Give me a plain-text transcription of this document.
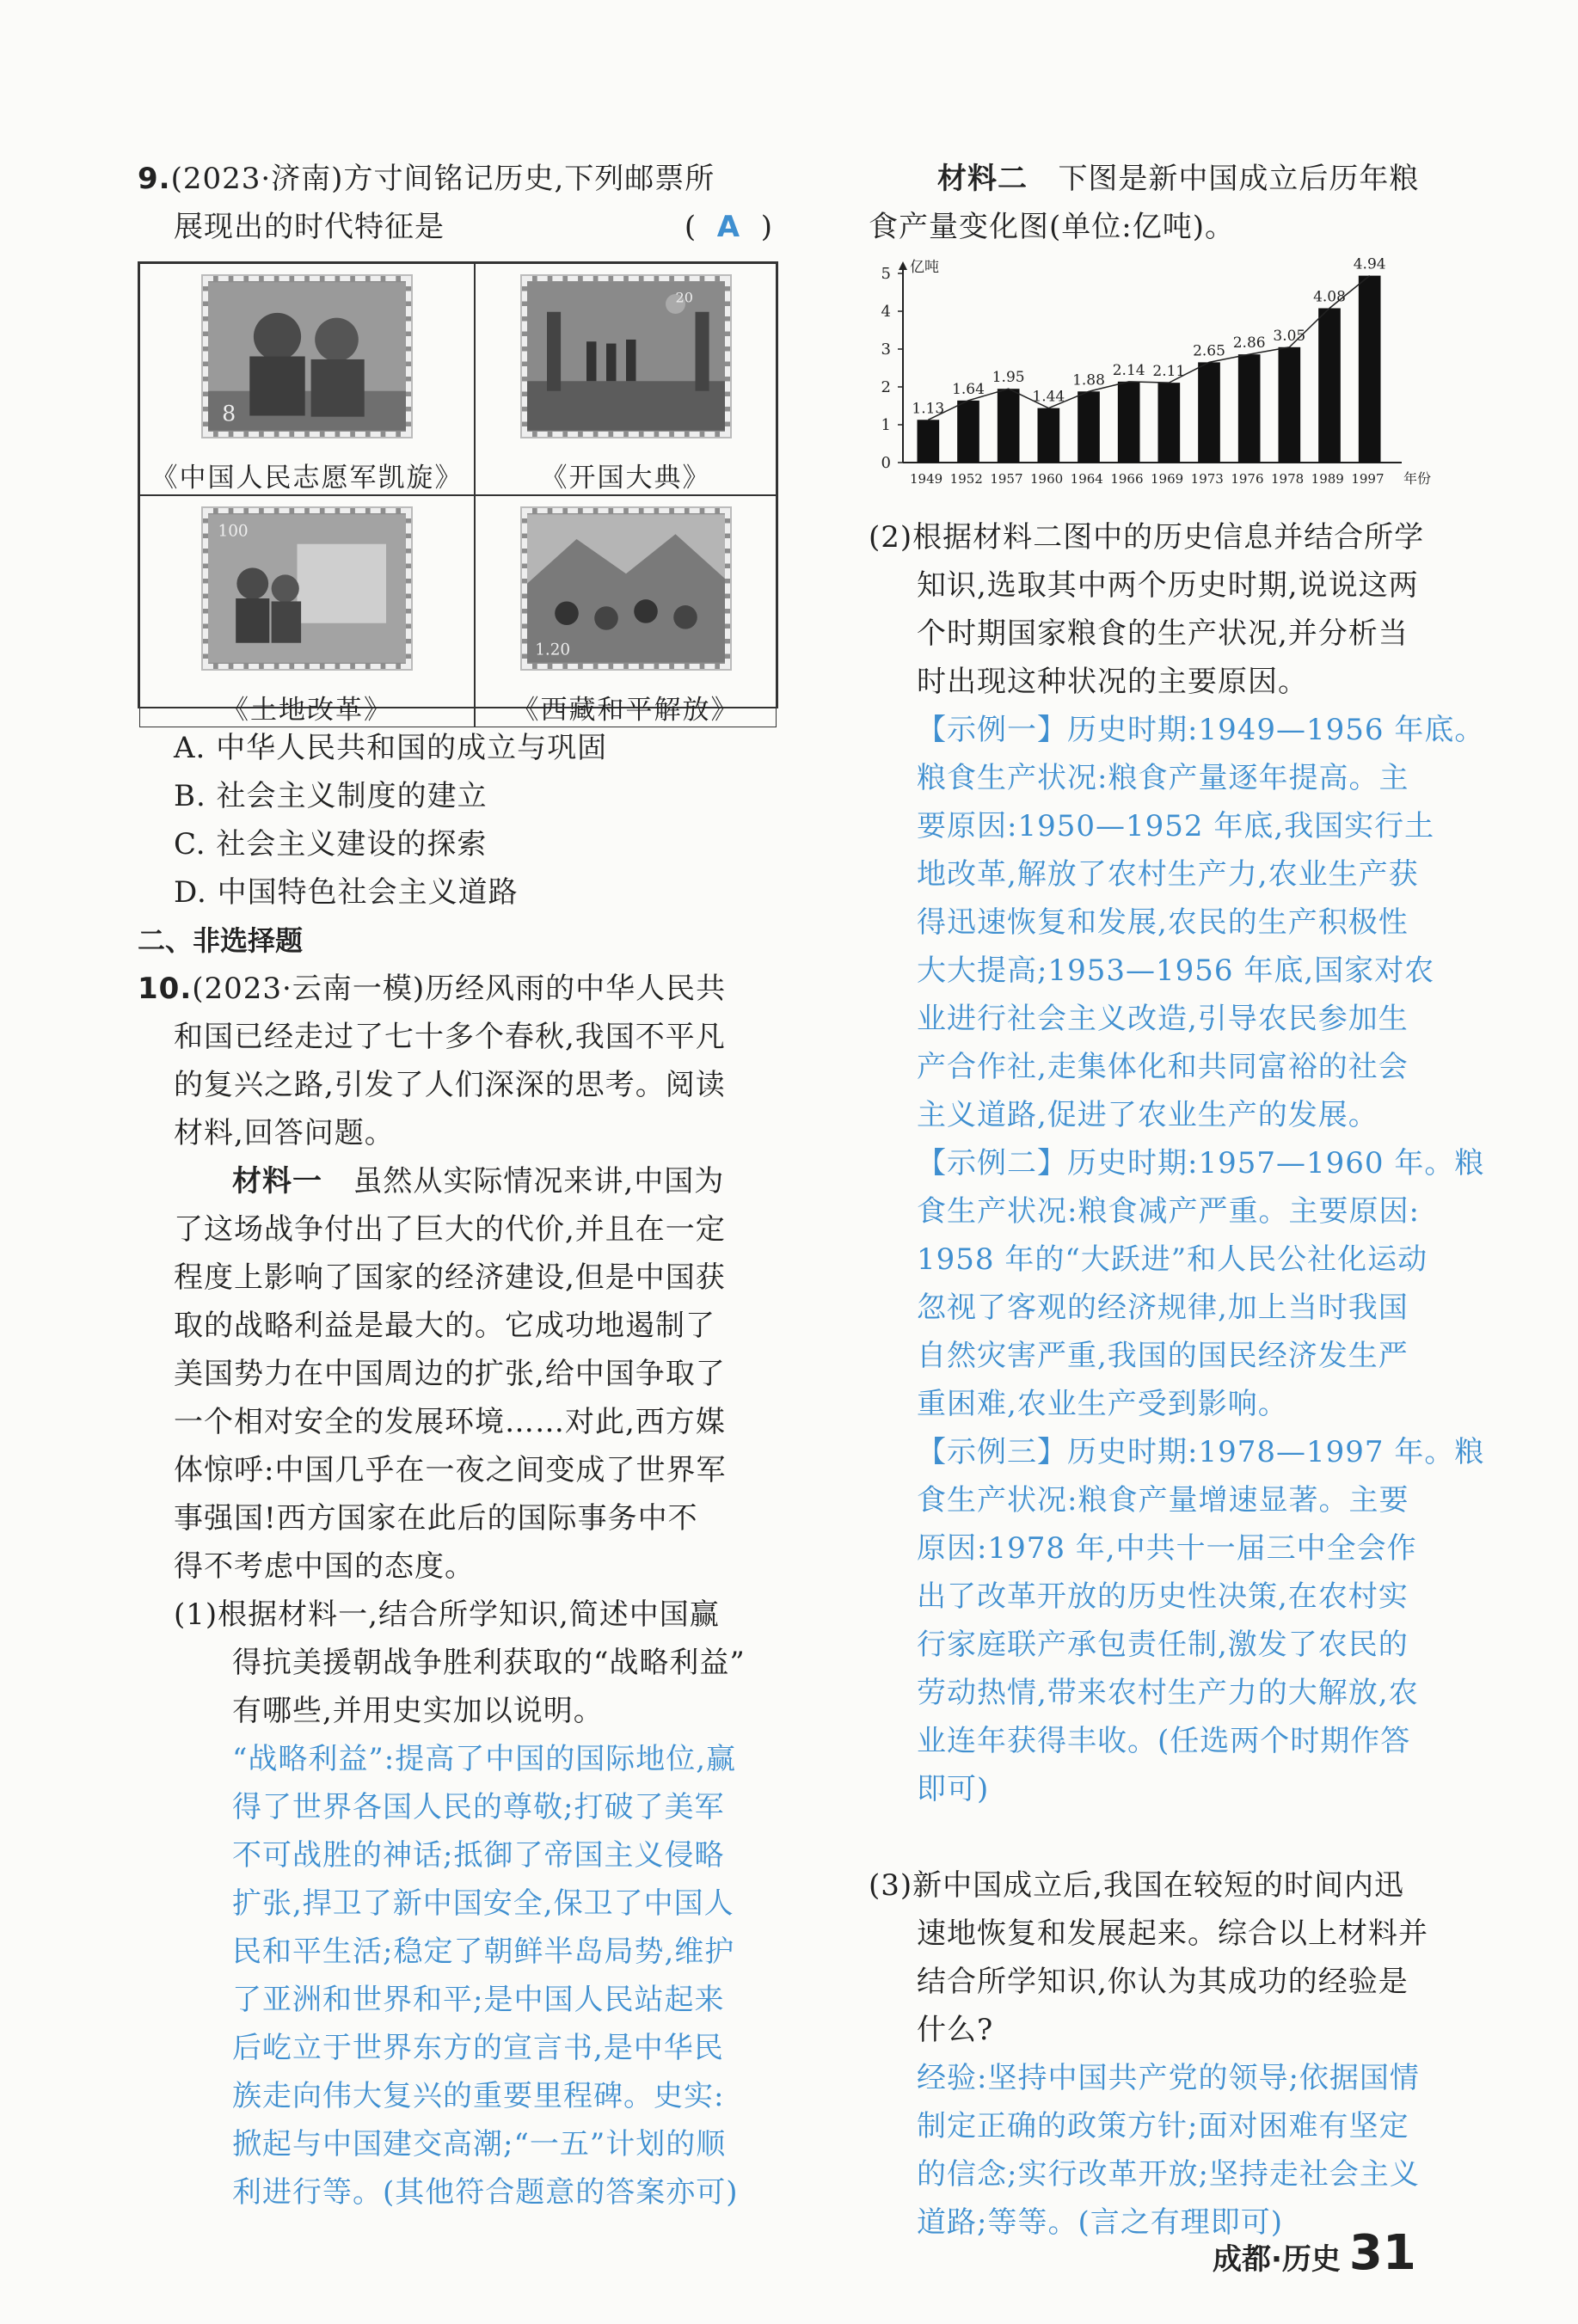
9.(2023·济南)方寸间铭记历史,下列邮票所
展现出的时代特征是	( A )
8
《中国人民志愿军凯旋》
20
《开国大典》
100
《土地改革》
1.20
《西藏和平解放》
A. 中华人民共和国的成立与巩固
B. 社会主义制度的建立
C. 社会主义建设的探索
D. 中国特色社会主义道路
二、非选择题
10.(2023·云南一模)历经风雨的中华人民共
和国已经走过了七十多个春秋,我国不平凡
的复兴之路,引发了人们深深的思考。阅读
材料,回答问题。
材料一 虽然从实际情况来讲,中国为
了这场战争付出了巨大的代价,并且在一定
程度上影响了国家的经济建设,但是中国获
取的战略利益是最大的。它成功地遏制了
美国势力在中国周边的扩张,给中国争取了
一个相对安全的发展环境……对此,西方媒
体惊呼:中国几乎在一夜之间变成了世界军
事强国!西方国家在此后的国际事务中不
得不考虑中国的态度。
(1)根据材料一,结合所学知识,简述中国赢
得抗美援朝战争胜利获取的“战略利益”
有哪些,并用史实加以说明。
“战略利益”:提高了中国的国际地位,赢
得了世界各国人民的尊敬;打破了美军
不可战胜的神话;抵御了帝国主义侵略
扩张,捍卫了新中国安全,保卫了中国人
民和平生活;稳定了朝鲜半岛局势,维护
了亚洲和世界和平;是中国人民站起来
后屹立于世界东方的宣言书,是中华民
族走向伟大复兴的重要里程碑。史实:
掀起与中国建交高潮;“一五”计划的顺
利进行等。(其他符合题意的答案亦可)
材料二 下图是新中国成立后历年粮
食产量变化图(单位:亿吨)。
亿吨
0
1
2
3
4
5
1.13
1949
1.64
1952
1.95
1957
1.44
1960
1.88
1964
2.14
1966
2.11
1969
2.65
1973
2.86
1976
3.05
1978
4.08
1989
4.94
1997 年份
(2)根据材料二图中的历史信息并结合所学
知识,选取其中两个历史时期,说说这两
个时期国家粮食的生产状况,并分析当
时出现这种状况的主要原因。
【示例一】历史时期:1949—1956 年底。
粮食生产状况:粮食产量逐年提高。主
要原因:1950—1952 年底,我国实行土
地改革,解放了农村生产力,农业生产获
得迅速恢复和发展,农民的生产积极性
大大提高;1953—1956 年底,国家对农
业进行社会主义改造,引导农民参加生
产合作社,走集体化和共同富裕的社会
主义道路,促进了农业生产的发展。
【示例二】历史时期:1957—1960 年。粮
食生产状况:粮食减产严重。主要原因:
1958 年的“大跃进”和人民公社化运动
忽视了客观的经济规律,加上当时我国
自然灾害严重,我国的国民经济发生严
重困难,农业生产受到影响。
【示例三】历史时期:1978—1997 年。粮
食生产状况:粮食产量增速显著。主要
原因:1978 年,中共十一届三中全会作
出了改革开放的历史性决策,在农村实
行家庭联产承包责任制,激发了农民的
劳动热情,带来农村生产力的大解放,农
业连年获得丰收。(任选两个时期作答
即可)
(3)新中国成立后,我国在较短的时间内迅
速地恢复和发展起来。综合以上材料并
结合所学知识,你认为其成功的经验是
什么?
经验:坚持中国共产党的领导;依据国情
制定正确的政策方针;面对困难有坚定
的信念;实行改革开放;坚持走社会主义
道路;等等。(言之有理即可)
成都·历史 31
